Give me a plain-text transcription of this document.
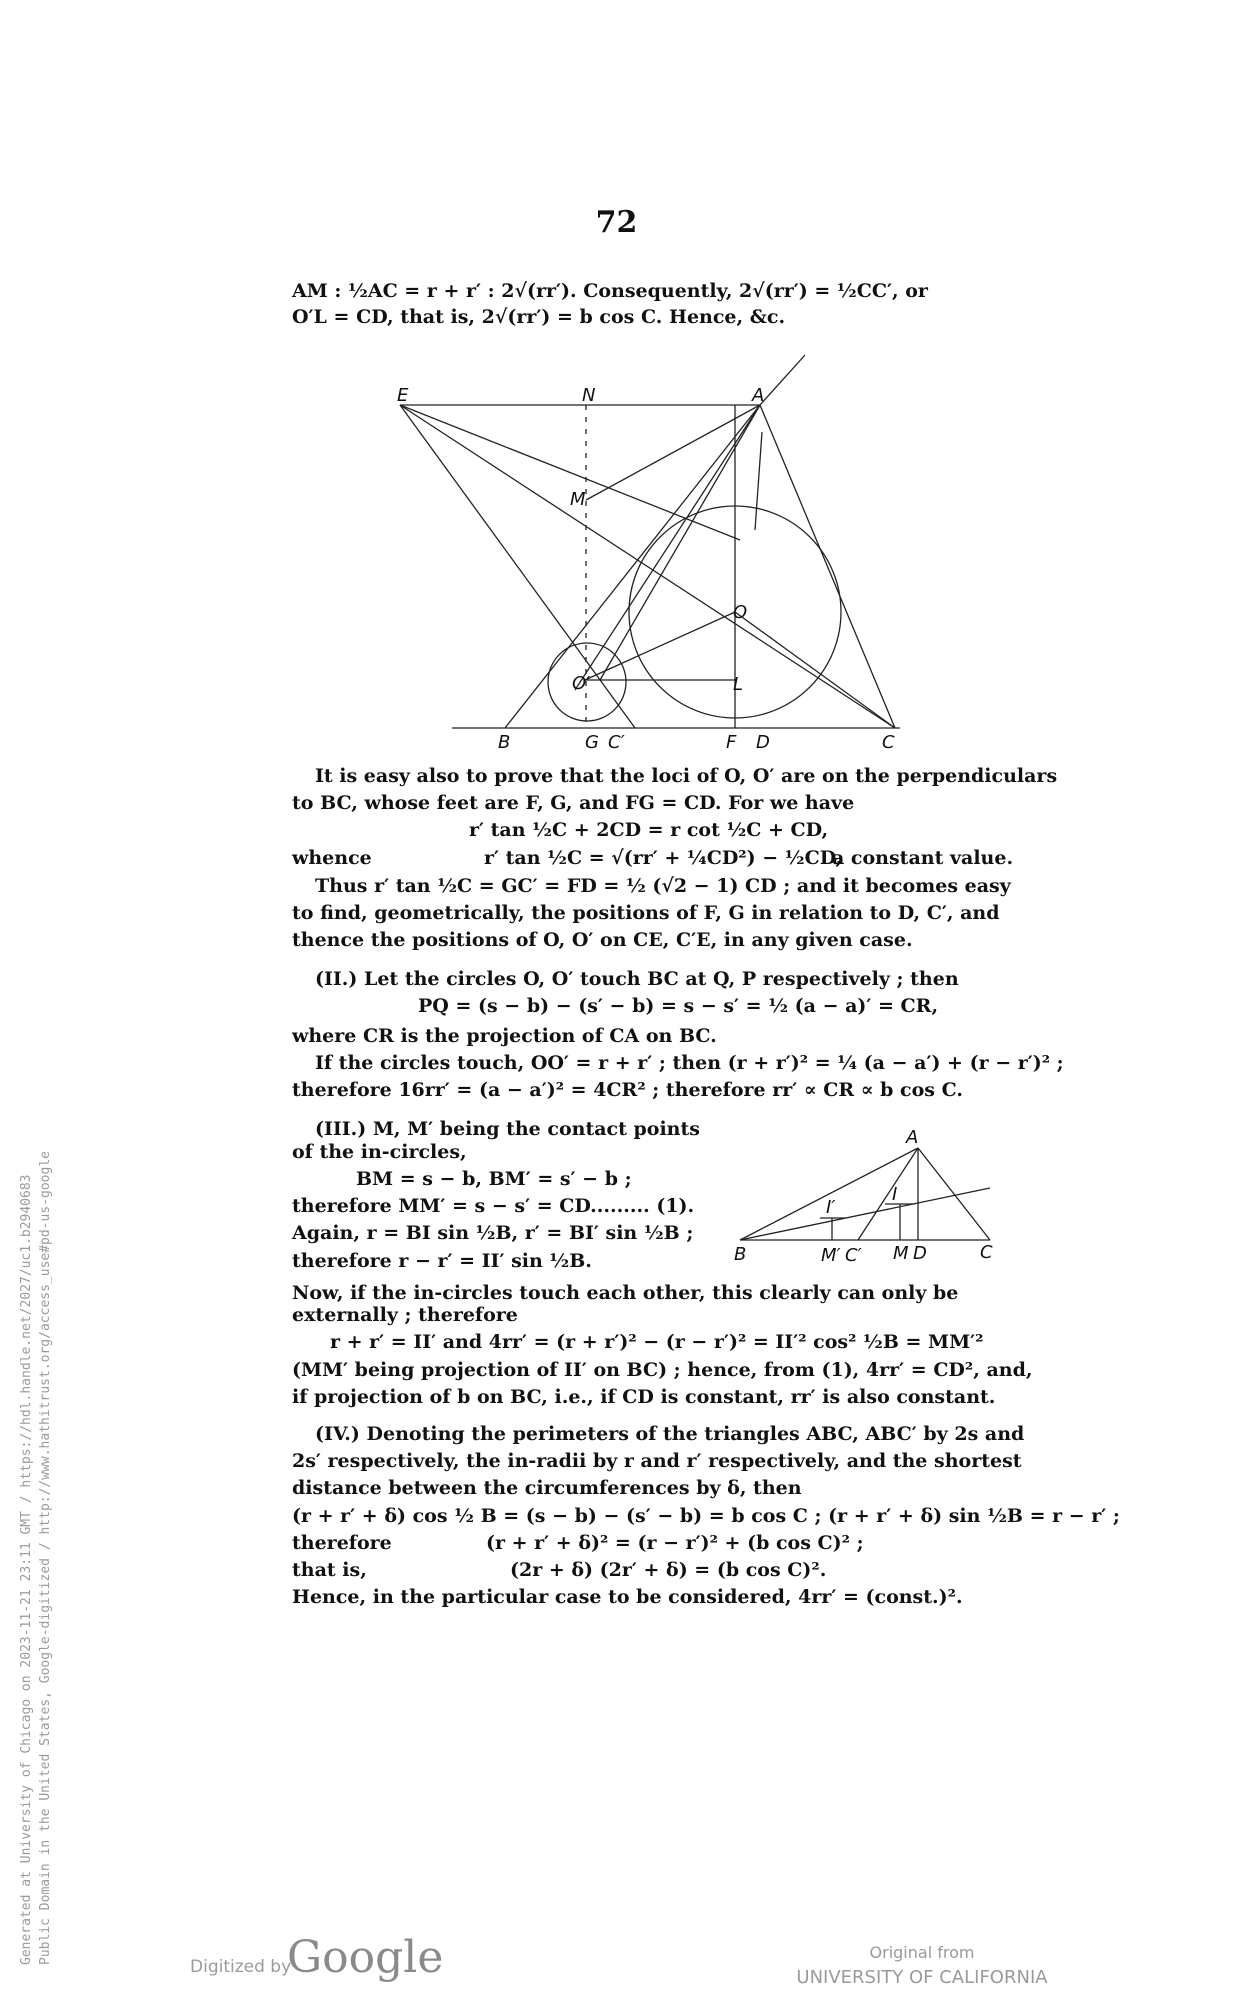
72
AM : ½AC = r + r′ : 2√(rr′). Consequently, 2√(rr′) = ½CC′, or
O′L = CD, that is, 2√(rr′) = b cos C. Hence, &c.
E	N	A
M
O
O′	L
B	G C′	F D	C
It is easy also to prove that the loci of O, O′ are on the perpendiculars
to BC, whose feet are F, G, and FG = CD. For we have
r′ tan ½C + 2CD = r cot ½C + CD,
whence	r′ tan ½C = √(rr′ + ¼CD²) − ½CD,
a constant value.
Thus r′ tan ½C = GC′ = FD = ½ (√2 − 1) CD ; and it becomes easy
to find, geometrically, the positions of F, G in relation to D, C′, and
thence the positions of O, O′ on CE, C′E, in any given case.
(II.) Let the circles O, O′ touch BC at Q, P respectively ; then
PQ = (s − b) − (s′ − b) = s − s′ = ½ (a − a)′ = CR,
where CR is the projection of CA on BC.
If the circles touch, OO′ = r + r′ ; then (r + r′)² = ¼ (a − a′) + (r − r′)² ;
therefore 16rr′ = (a − a′)² = 4CR² ; therefore rr′ ∝ CR ∝ b cos C.
(III.) M, M′ being the contact points
of the in-circles,
BM = s − b, BM′ = s′ − b ;
therefore MM′ = s − s′ = CD......... (1).
Again, r = BI sin ½B, r′ = BI′ sin ½B ;
therefore r − r′ = II′ sin ½B.
A
I
I′
B	M′ C′ M D	C
Now, if the in-circles touch each other, this clearly can only be
externally ; therefore
r + r′ = II′ and 4rr′ = (r + r′)² − (r − r′)² = II′² cos² ½B = MM′²
(MM′ being projection of II′ on BC) ; hence, from (1), 4rr′ = CD², and,
if projection of b on BC, i.e., if CD is constant, rr′ is also constant.
(IV.) Denoting the perimeters of the triangles ABC, ABC′ by 2s and
2s′ respectively, the in-radii by r and r′ respectively, and the shortest
distance between the circumferences by δ, then
(r + r′ + δ) cos ½ B = (s − b) − (s′ − b) = b cos C ; (r + r′ + δ) sin ½B = r − r′ ;
therefore	(r + r′ + δ)² = (r − r′)² + (b cos C)² ;
that is,	(2r + δ) (2r′ + δ) = (b cos C)².
Hence, in the particular case to be considered, 4rr′ = (const.)².
Generated at University of Chicago on 2023-11-21 23:11 GMT / https://hdl.handle.net/2027/uc1.b2940683 Public Domain in the United States, Google-digitized / http://www.hathitrust.org/access_use#pd-us-google
Digitized by
Google	Original from
UNIVERSITY OF CALIFORNIA
